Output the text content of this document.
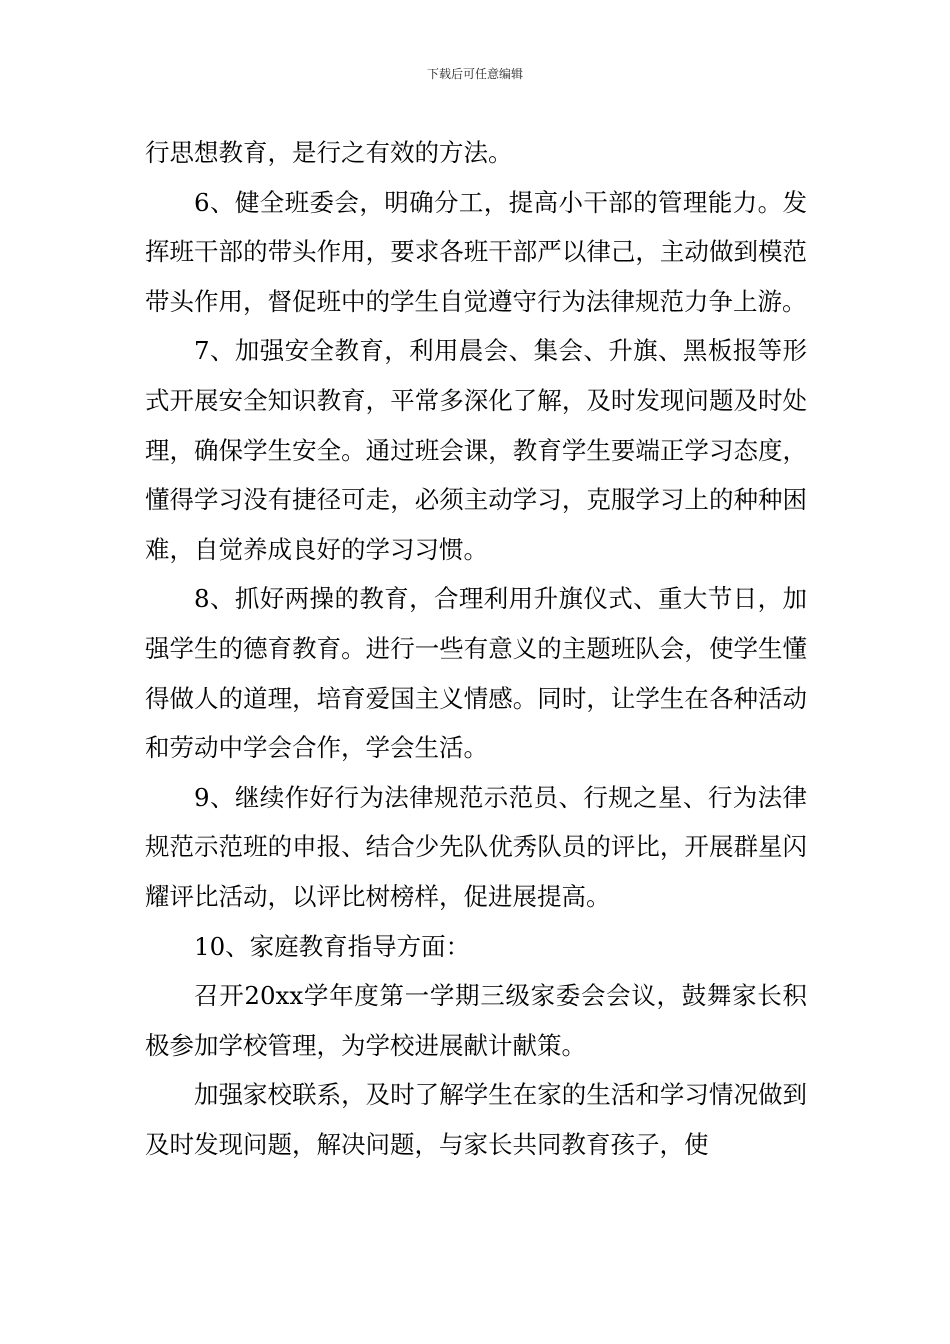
下载后可任意编辑

行思想教育，是行之有效的方法。

6、健全班委会，明确分工，提高小干部的管理能力。发挥班干部的带头作用，要求各班干部严以律己，主动做到模范带头作用，督促班中的学生自觉遵守行为法律规范力争上游。

7、加强安全教育，利用晨会、集会、升旗、黑板报等形式开展安全知识教育，平常多深化了解，及时发现问题及时处理，确保学生安全。通过班会课，教育学生要端正学习态度，懂得学习没有捷径可走，必须主动学习，克服学习上的种种困难，自觉养成良好的学习习惯。

8、抓好两操的教育，合理利用升旗仪式、重大节日，加强学生的德育教育。进行一些有意义的主题班队会，使学生懂得做人的道理，培育爱国主义情感。同时，让学生在各种活动和劳动中学会合作，学会生活。

9、继续作好行为法律规范示范员、行规之星、行为法律规范示范班的申报、结合少先队优秀队员的评比，开展群星闪耀评比活动，以评比树榜样，促进展提高。

10、家庭教育指导方面：

召开20xx学年度第一学期三级家委会会议，鼓舞家长积极参加学校管理，为学校进展献计献策。

加强家校联系，及时了解学生在家的生活和学习情况做到及时发现问题，解决问题，与家长共同教育孩子，使
